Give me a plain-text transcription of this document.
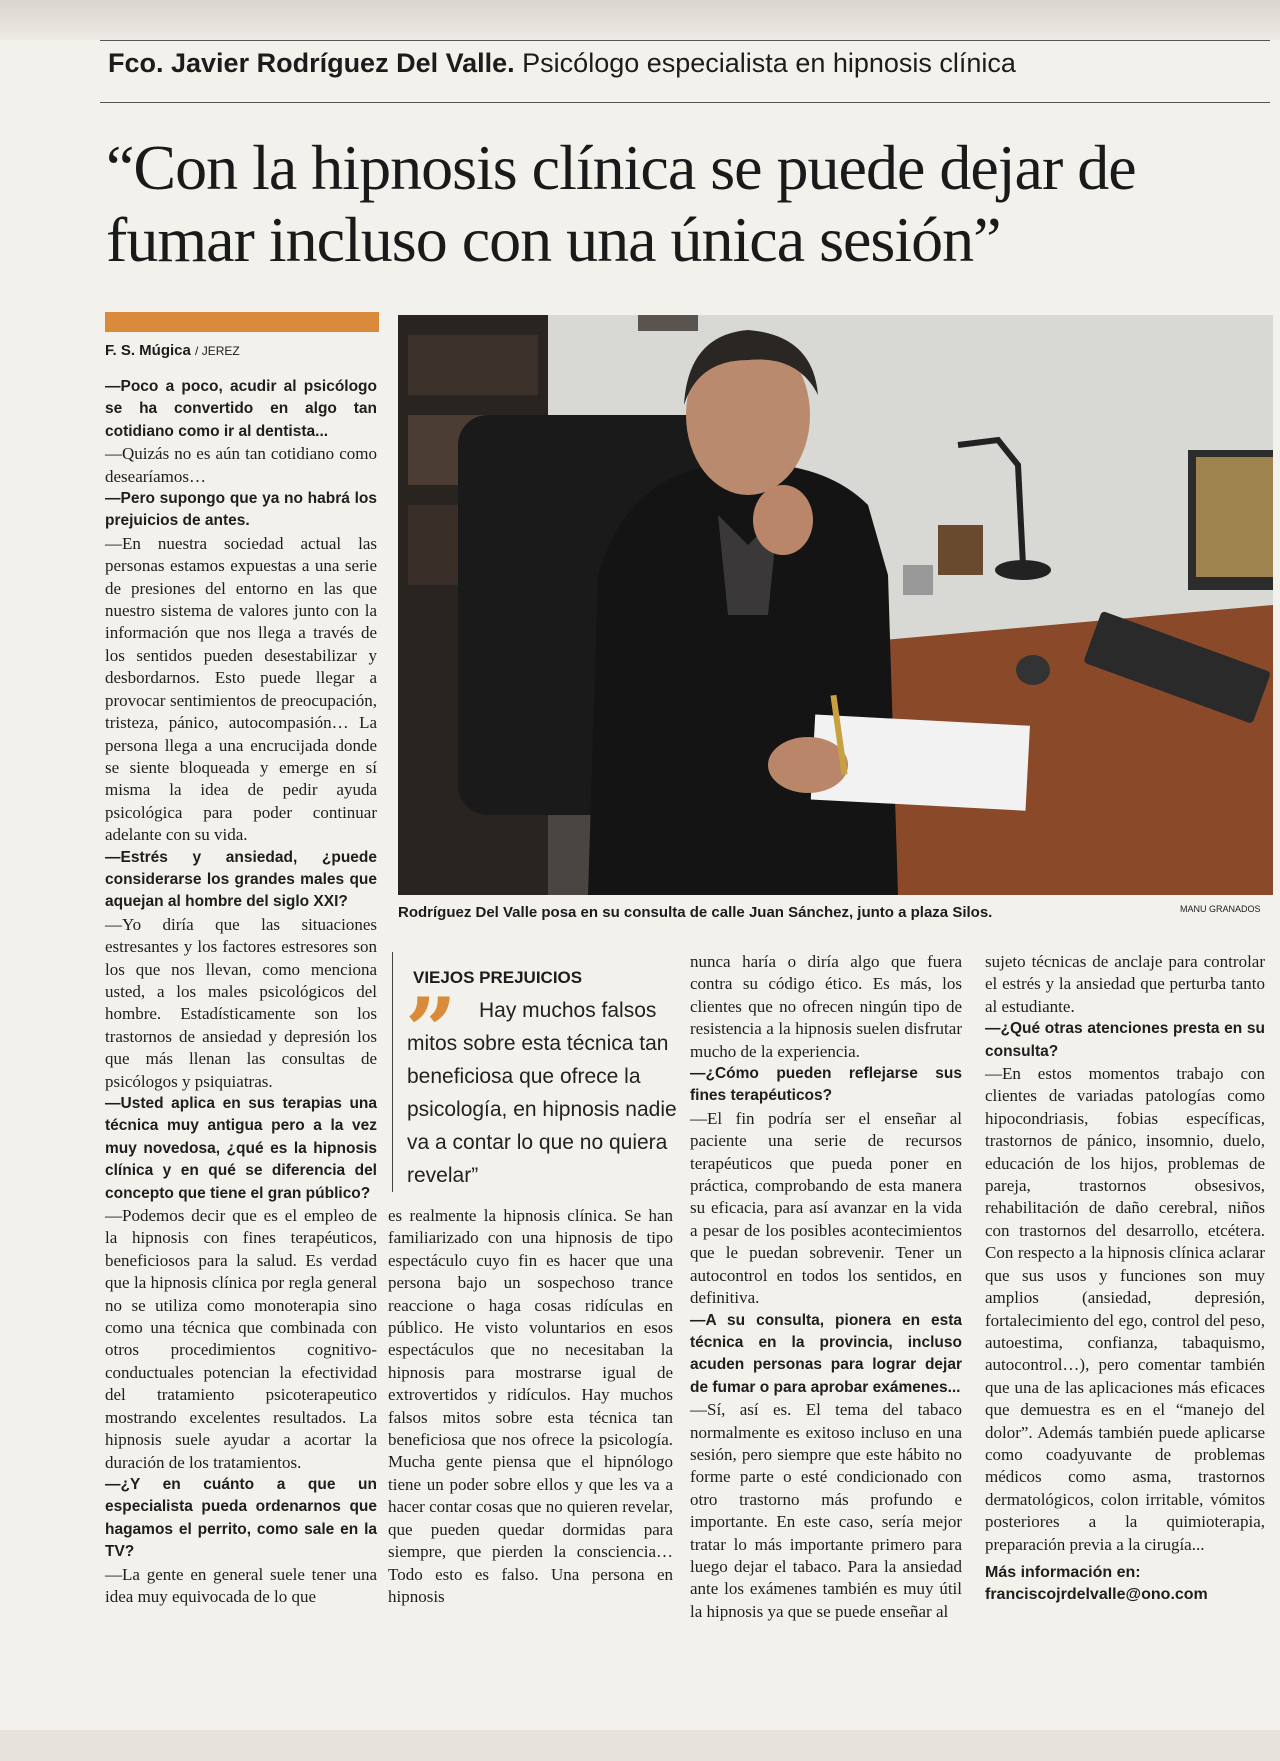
Fco. Javier Rodríguez Del Valle. Psicólogo especialista en hipnosis clínica
“Con la hipnosis clínica se puede dejar de fumar incluso con una única sesión”
F. S. Múgica / JEREZ

—Poco a poco, acudir al psicólogo se ha convertido en algo tan cotidiano como ir al dentista...

—Quizás no es aún tan cotidiano como desearíamos…

—Pero supongo que ya no habrá los prejuicios de antes.

—En nuestra sociedad actual las personas estamos expuestas a una serie de presiones del entorno en las que nuestro sistema de valores junto con la información que nos llega a través de los sentidos pueden desestabilizar y desbordarnos. Esto puede llegar a provocar sentimientos de preocupación, tristeza, pánico, autocompasión… La persona llega a una encrucijada donde se siente bloqueada y emerge en sí misma la idea de pedir ayuda psicológica para poder continuar adelante con su vida.

—Estrés y ansiedad, ¿puede considerarse los grandes males que aquejan al hombre del siglo XXI?

—Yo diría que las situaciones estresantes y los factores estresores son los que nos llevan, como menciona usted, a los males psicológicos del hombre. Estadísticamente son los trastornos de ansiedad y depresión los que más llenan las consultas de psicólogos y psiquiatras.

—Usted aplica en sus terapias una técnica muy antigua pero a la vez muy novedosa, ¿qué es la hipnosis clínica y en qué se diferencia del concepto que tiene el gran público?

—Podemos decir que es el empleo de la hipnosis con fines terapéuticos, beneficiosos para la salud. Es verdad que la hipnosis clínica por regla general no se utiliza como monoterapia sino como una técnica que combinada con otros procedimientos cognitivo-conductuales potencian la efectividad del tratamiento psicoterapeutico mostrando excelentes resultados. La hipnosis suele ayudar a acortar la duración de los tratamientos.

—¿Y en cuánto a que un especialista pueda ordenarnos que hagamos el perrito, como sale en la TV?

—La gente en general suele tener una idea muy equivocada de lo que

Rodríguez Del Valle posa en su consulta de calle Juan Sánchez, junto a plaza Silos.	MANU GRANADOS
VIEJOS PREJUICIOS
”	Hay muchos falsos mitos sobre esta técnica tan beneficiosa que ofrece la psicología, en hipnosis nadie va a contar lo que no quiera revelar”

es realmente la hipnosis clínica. Se han familiarizado con una hipnosis de tipo espectáculo cuyo fin es hacer que una persona bajo un sospechoso trance reaccione o haga cosas ridículas en público. He visto voluntarios en esos espectáculos que no necesitaban la hipnosis para mostrarse igual de extrovertidos y ridículos. Hay muchos falsos mitos sobre esta técnica tan beneficiosa que nos ofrece la psicología. Mucha gente piensa que el hipnólogo tiene un poder sobre ellos y que les va a hacer contar cosas que no quieren revelar, que pueden quedar dormidas para siempre, que pierden la consciencia… Todo esto es falso. Una persona en hipnosis

nunca haría o diría algo que fuera contra su código ético. Es más, los clientes que no ofrecen ningún tipo de resistencia a la hipnosis suelen disfrutar mucho de la experiencia.

—¿Cómo pueden reflejarse sus fines terapéuticos?

—El fin podría ser el enseñar al paciente una serie de recursos terapéuticos que pueda poner en práctica, comprobando de esta manera su eficacia, para así avanzar en la vida a pesar de los posibles acontecimientos que le puedan sobrevenir. Tener un autocontrol en todos los sentidos, en definitiva.

—A su consulta, pionera en esta técnica en la provincia, incluso acuden personas para lograr dejar de fumar o para aprobar exámenes...

—Sí, así es. El tema del tabaco normalmente es exitoso incluso en una sesión, pero siempre que este hábito no forme parte o esté condicionado con otro trastorno más profundo e importante. En este caso, sería mejor tratar lo más importante primero para luego dejar el tabaco. Para la ansiedad ante los exámenes también es muy útil la hipnosis ya que se puede enseñar al

sujeto técnicas de anclaje para controlar el estrés y la ansiedad que perturba tanto al estudiante.

—¿Qué otras atenciones presta en su consulta?

—En estos momentos trabajo con clientes de variadas patologías como hipocondriasis, fobias específicas, trastornos de pánico, insomnio, duelo, educación de los hijos, problemas de pareja, trastornos obsesivos, rehabilitación de daño cerebral, niños con trastornos del desarrollo, etcétera. Con respecto a la hipnosis clínica aclarar que sus usos y funciones son muy amplios (ansiedad, depresión, fortalecimiento del ego, control del peso, autoestima, confianza, tabaquismo, autocontrol…), pero comentar también que una de las aplicaciones más eficaces que demuestra es en el “manejo del dolor”. Además también puede aplicarse como coadyuvante de problemas médicos como asma, trastornos dermatológicos, colon irritable, vómitos posteriores a la quimioterapia, preparación previa a la cirugía...

Más información en: franciscojrdelvalle@ono.com
